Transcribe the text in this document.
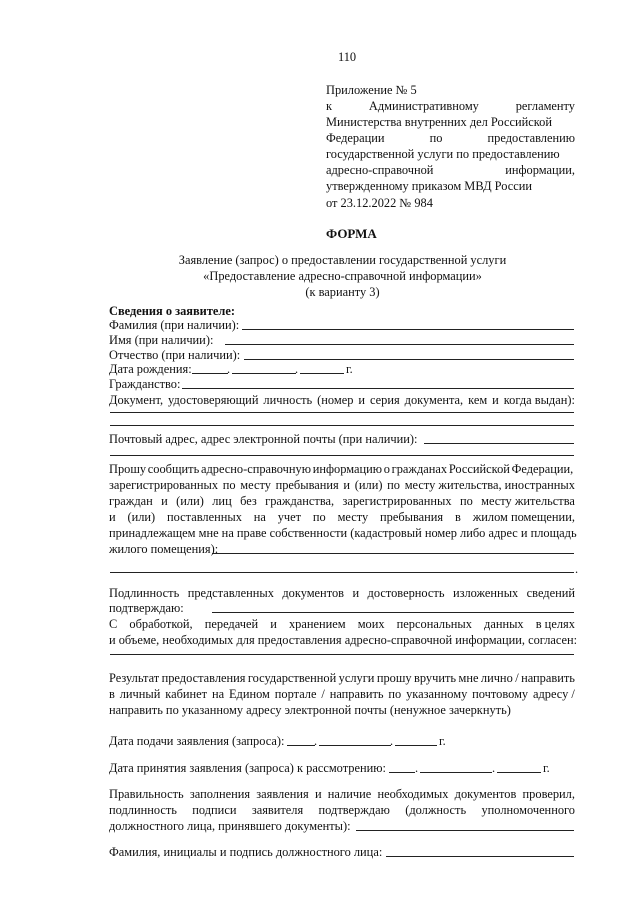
110
Приложение № 5
к	Административному	регламенту
Министерства внутренних дел Российской
Федерации	по	предоставлению
государственной услуги по предоставлению
адресно-справочной	информации,
утвержденному приказом МВД России
от 23.12.2022 № 984
ФОРМА
Заявление (запрос) о предоставлении государственной услуги
«Предоставление адресно-справочной информации»
(к варианту 3)
Сведения о заявителе:
Фамилия (при наличии):
Имя (при наличии):
Отчество (при наличии):
Дата рождения:	.	.	г.
Гражданство:
Документ, удостоверяющий личность (номер и серия документа, кем и когда выдан):
Почтовый адрес, адрес электронной почты (при наличии):
Прошу сообщить адресно-справочную информацию о гражданах Российской Федерации,
зарегистрированных по месту пребывания и (или) по месту жительства, иностранных
граждан и (или) лиц без гражданства, зарегистрированных по месту жительства
и (или) поставленных на учет по месту пребывания в жилом помещении,
принадлежащем мне на праве собственности (кадастровый номер либо адрес и площадь
жилого помещения):
.
Подлинность представленных документов и достоверность изложенных сведений
подтверждаю:
С обработкой, передачей и хранением моих персональных данных в целях
и объеме, необходимых для предоставления адресно-справочной информации, согласен:
Результат предоставления государственной услуги прошу вручить мне лично / направить
в личный кабинет на Едином портале / направить по указанному почтовому адресу /
направить по указанному адресу электронной почты (ненужное зачеркнуть)
Дата подачи заявления (запроса): .	.	г.
Дата принятия заявления (запроса) к рассмотрению: .	.	г.
Правильность заполнения заявления и наличие необходимых документов проверил,
подлинность подписи заявителя подтверждаю (должность уполномоченного
должностного лица, принявшего документы):
Фамилия, инициалы и подпись должностного лица:
